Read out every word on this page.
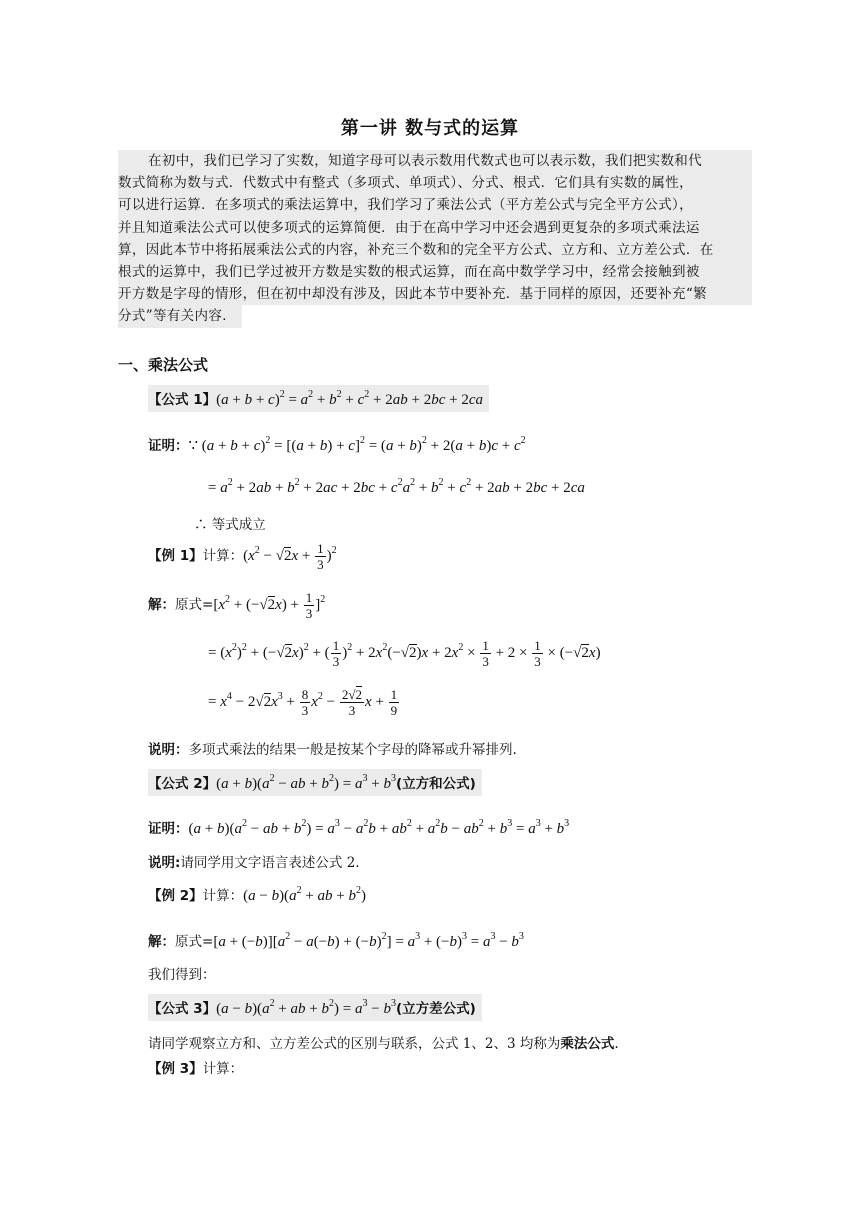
第一讲 数与式的运算
在初中，我们已学习了实数，知道字母可以表示数用代数式也可以表示数，我们把实数和代
数式简称为数与式．代数式中有整式（多项式、单项式）、分式、根式．它们具有实数的属性，
可以进行运算．在多项式的乘法运算中，我们学习了乘法公式（平方差公式与完全平方公式），
并且知道乘法公式可以使多项式的运算简便．由于在高中学习中还会遇到更复杂的多项式乘法运
算，因此本节中将拓展乘法公式的内容，补充三个数和的完全平方公式、立方和、立方差公式．在
根式的运算中，我们已学过被开方数是实数的根式运算，而在高中数学学习中，经常会接触到被
开方数是字母的情形，但在初中却没有涉及，因此本节中要补充．基于同样的原因，还要补充“繁
分式”等有关内容．
一、乘法公式
【公式 1】$(a + b + c)^2 = a^2 + b^2 + c^2 + 2ab + 2bc + 2ca$
证明：∵ $(a + b + c)^2 = [(a + b) + c]^2 = (a + b)^2 + 2(a + b)c + c^2$
= $a^2 + 2ab + b^2 + 2ac + 2bc + c^2a^2 + b^2 + c^2 + 2ab + 2bc + 2ca$
∴ 等式成立
【例 1】计算：$(x^2 - √2x + \frac{1}{3} )^2$
解：原式$=[x^2 + (-√2x) + \frac{1}{3} ]^2$
= $(x^2)^2 + (-√2x)^2$ + ( $\frac{1}{3} )^2 + 2x^2(-√2)x + 2x^2 \times \frac{1}{3} + 2 \times \frac{1}{3} \times (-√2x)$
= $x^4 - 2√2x^3 + \frac{8}{3} x^2 - \frac{2√2}{3}$ $x + \frac{1}{9}$
说明：多项式乘法的结果一般是按某个字母的降幂或升幂排列.
【公式 2】$(a + b)(a^2$ − ab + $b^2) = a^3 + b^3$(立方和公式)
证明：$(a + b)(a^2$ − ab + $b^2) = a^3 - a^2b + ab^2 + a^2b - ab^2 + b^3 = a^3 + b^3$
说明:请同学用文字语言表述公式 2.
【例 2】计算：$(a - b)(a^2$ + ab + $b^2$)
解：原式$=[a + (-b)][a^2 - a(-b) + (-b)^2] = a^3 + (-b)^3 = a^3 - b^3$
我们得到：
【公式 3】$(a - b)(a^2$ + ab + $b^2) = a^3 - b^3$(立方差公式)
请同学观察立方和、立方差公式的区别与联系，公式 1、2、3 均称为乘法公式.
【例 3】计算：
